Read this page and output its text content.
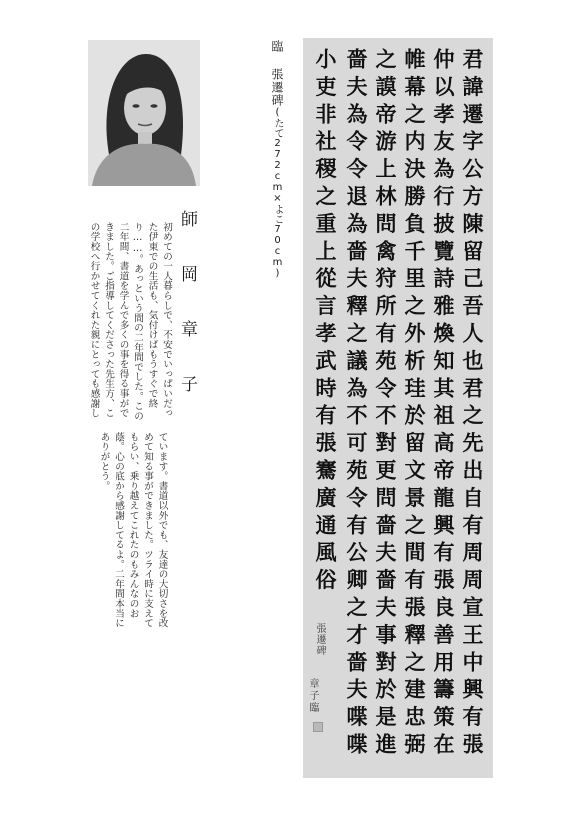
師 岡 章 子
初めての一人暮らしで、不安でいっぱいだった伊東での生活も、気付けばもうすぐで終り……。あっという間の二年間でした。この二年間、書道を学んで多くの事を得る事ができました。ご指導してくださった先生方、この学校へ行かせてくれた親にとっても感謝し
ています。書道以外でも、友達の大切さを改めて知る事ができました。ツライ時に支えてもらい、乗り越えてこれたのもみんなのお蔭。心の底から感謝してるよ。二年間本当にありがとう。
臨 張遷碑(たて272cm×よこ70cm)	君諱遷字公方陳留己吾人也君之先出自有周周宣王中興有張
仲以孝友為行披覽詩雅煥知其祖高帝龍興有張良善用籌策在
帷幕之内決勝負千里之外析珪於留文景之間有張釋之建忠弼
之謨帝游上林問禽狩所有苑令不對更問嗇夫嗇夫事對於是進
嗇夫為令令退為嗇夫釋之議為不可苑令有公卿之才嗇夫喋喋
小吏非社稷之重上從言孝武時有張騫廣通風俗
張遷碑
章子臨
